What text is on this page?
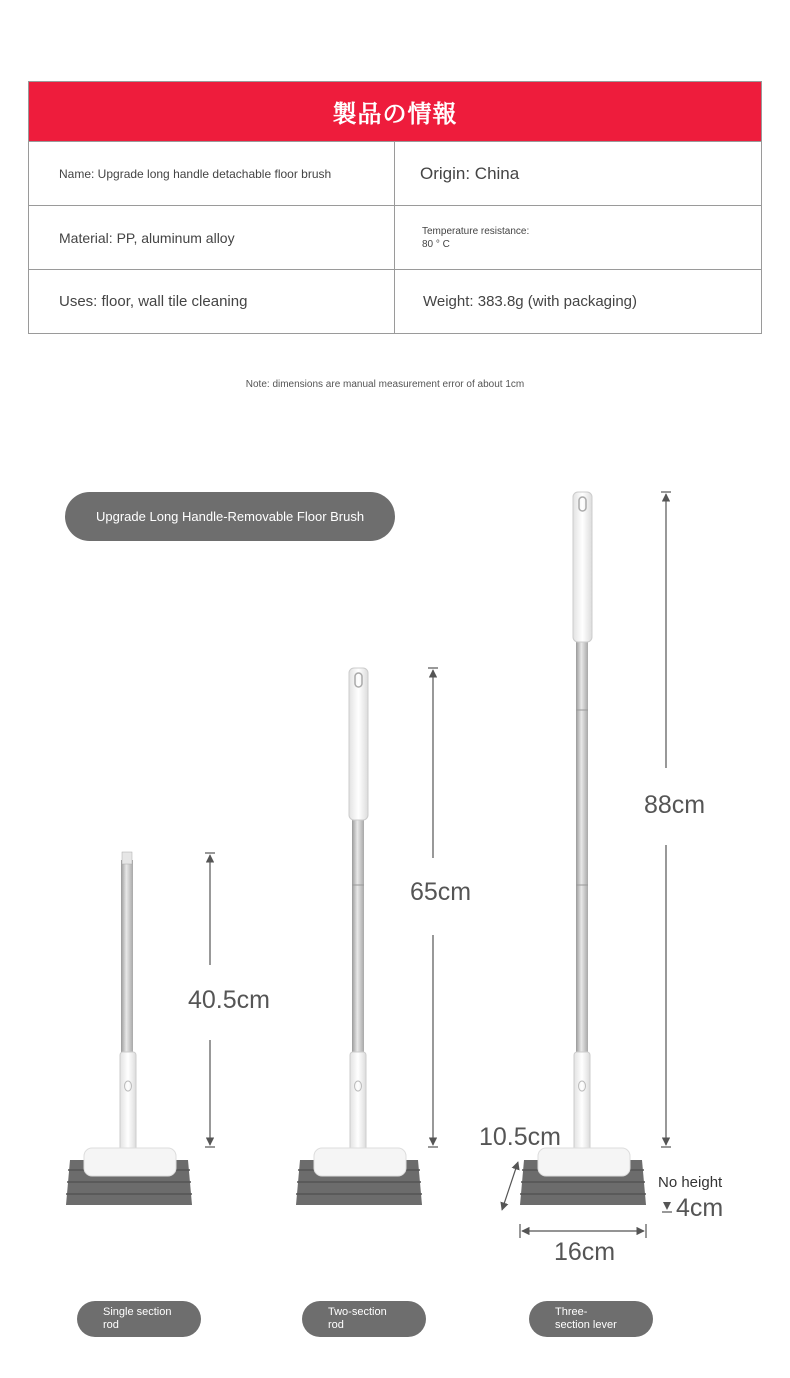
製品の情報
Name: Upgrade long handle detachable floor brush	Origin: China
Material: PP, aluminum alloy	Temperature resistance:
80 ° C
Uses: floor, wall tile cleaning	Weight: 383.8g (with packaging)
Note: dimensions are manual measurement error of about 1cm
Upgrade Long Handle-Removable Floor Brush
40.5cm
65cm
88cm
10.5cm
16cm
No height
4cm
Single section
rod
Two-section
rod
Three-
section lever
